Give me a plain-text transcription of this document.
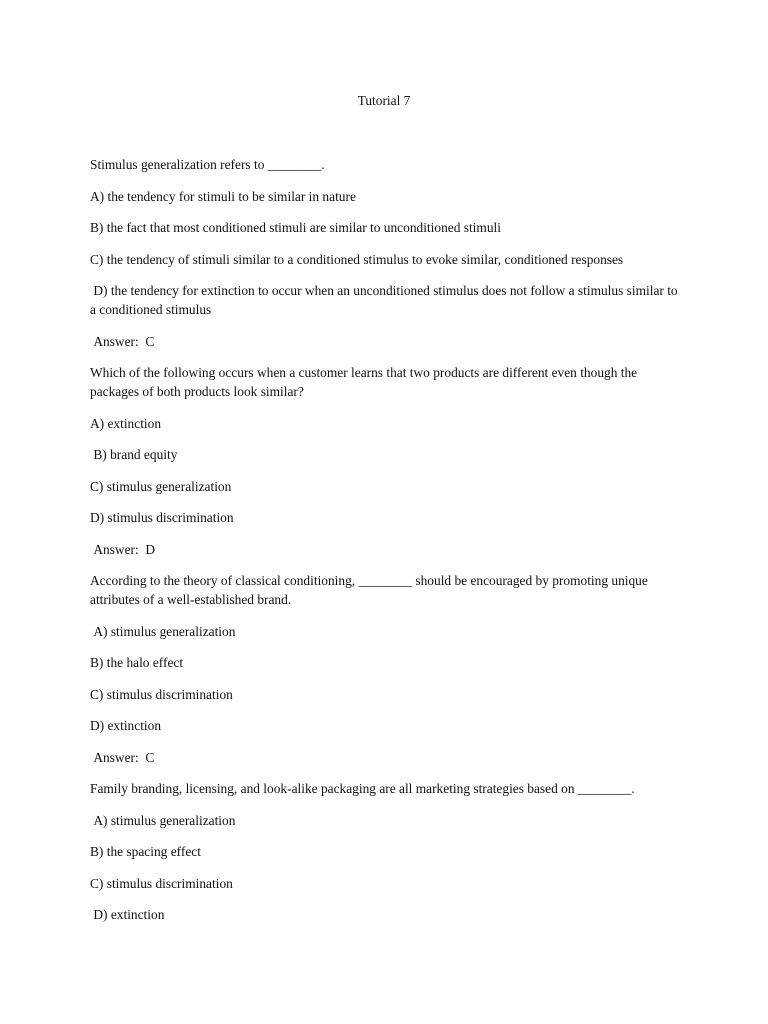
Tutorial 7

Stimulus generalization refers to ________.

A) the tendency for stimuli to be similar in nature

B) the fact that most conditioned stimuli are similar to unconditioned stimuli

C) the tendency of stimuli similar to a conditioned stimulus to evoke similar, conditioned responses

D) the tendency for extinction to occur when an unconditioned stimulus does not follow a stimulus similar to a conditioned stimulus

Answer:  C

Which of the following occurs when a customer learns that two products are different even though the packages of both products look similar?

A) extinction

B) brand equity

C) stimulus generalization

D) stimulus discrimination

Answer:  D

According to the theory of classical conditioning, ________ should be encouraged by promoting unique attributes of a well-established brand.

A) stimulus generalization

B) the halo effect

C) stimulus discrimination

D) extinction

Answer:  C

Family branding, licensing, and look-alike packaging are all marketing strategies based on ________.

A) stimulus generalization

B) the spacing effect

C) stimulus discrimination

D) extinction
